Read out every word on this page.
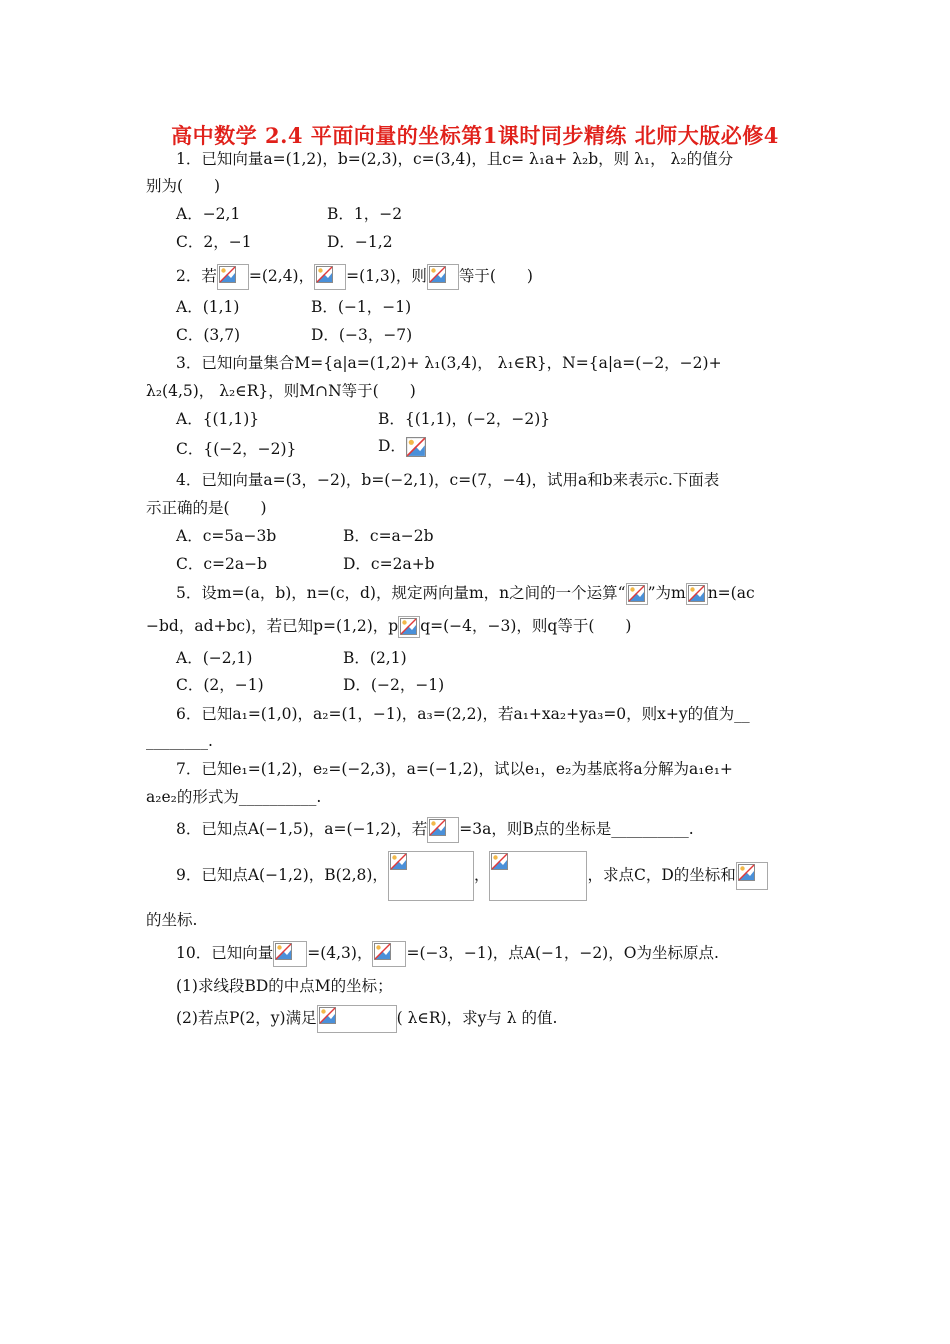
高中数学 2.4 平面向量的坐标第1课时同步精练 北师大版必修4
1．已知向量a=(1,2)，b=(2,3)，c=(3,4)，且c= λ₁a+ λ₂b，则 λ₁， λ₂的值分
别为(　　)
A．−2,1	B．1，−2
C．2，−1	D．−1,2
2．若 =(2,4)， =(1,3)，则 等于(　　)
A．(1,1)	B．(−1，−1)
C．(3,7)	D．(−3，−7)
3．已知向量集合M={a|a=(1,2)+ λ₁(3,4)， λ₁∈R}，N={a|a=(−2，−2)+
λ₂(4,5)， λ₂∈R}，则M∩N等于(　　)
A．{(1,1)}	B．{(1,1)，(−2，−2)}
C．{(−2，−2)}	D．
4．已知向量a=(3，−2)，b=(−2,1)，c=(7，−4)，试用a和b来表示c.下面表
示正确的是(　　)
A．c=5a−3b	B．c=a−2b
C．c=2a−b	D．c=2a+b
5．设m=(a，b)，n=(c，d)，规定两向量m，n之间的一个运算“ ”为m n=(ac
−bd，ad+bc)，若已知p=(1,2)，p q=(−4，−3)，则q等于(　　)
A．(−2,1)	B．(2,1)
C．(2，−1)	D．(−2，−1)
6．已知a₁=(1,0)，a₂=(1，−1)，a₃=(2,2)，若a₁+xa₂+ya₃=0，则x+y的值为__
________.
7．已知e₁=(1,2)，e₂=(−2,3)，a=(−1,2)，试以e₁，e₂为基底将a分解为a₁e₁+
a₂e₂的形式为__________.
8．已知点A(−1,5)，a=(−1,2)，若 =3a，则B点的坐标是__________.
9．已知点A(−1,2)，B(2,8)，	，	，求点C，D的坐标和
的坐标.
10．已知向量 =(4,3)， =(−3，−1)，点A(−1，−2)，O为坐标原点.
(1)求线段BD的中点M的坐标；
(2)若点P(2，y)满足	( λ∈R)，求y与 λ 的值.
